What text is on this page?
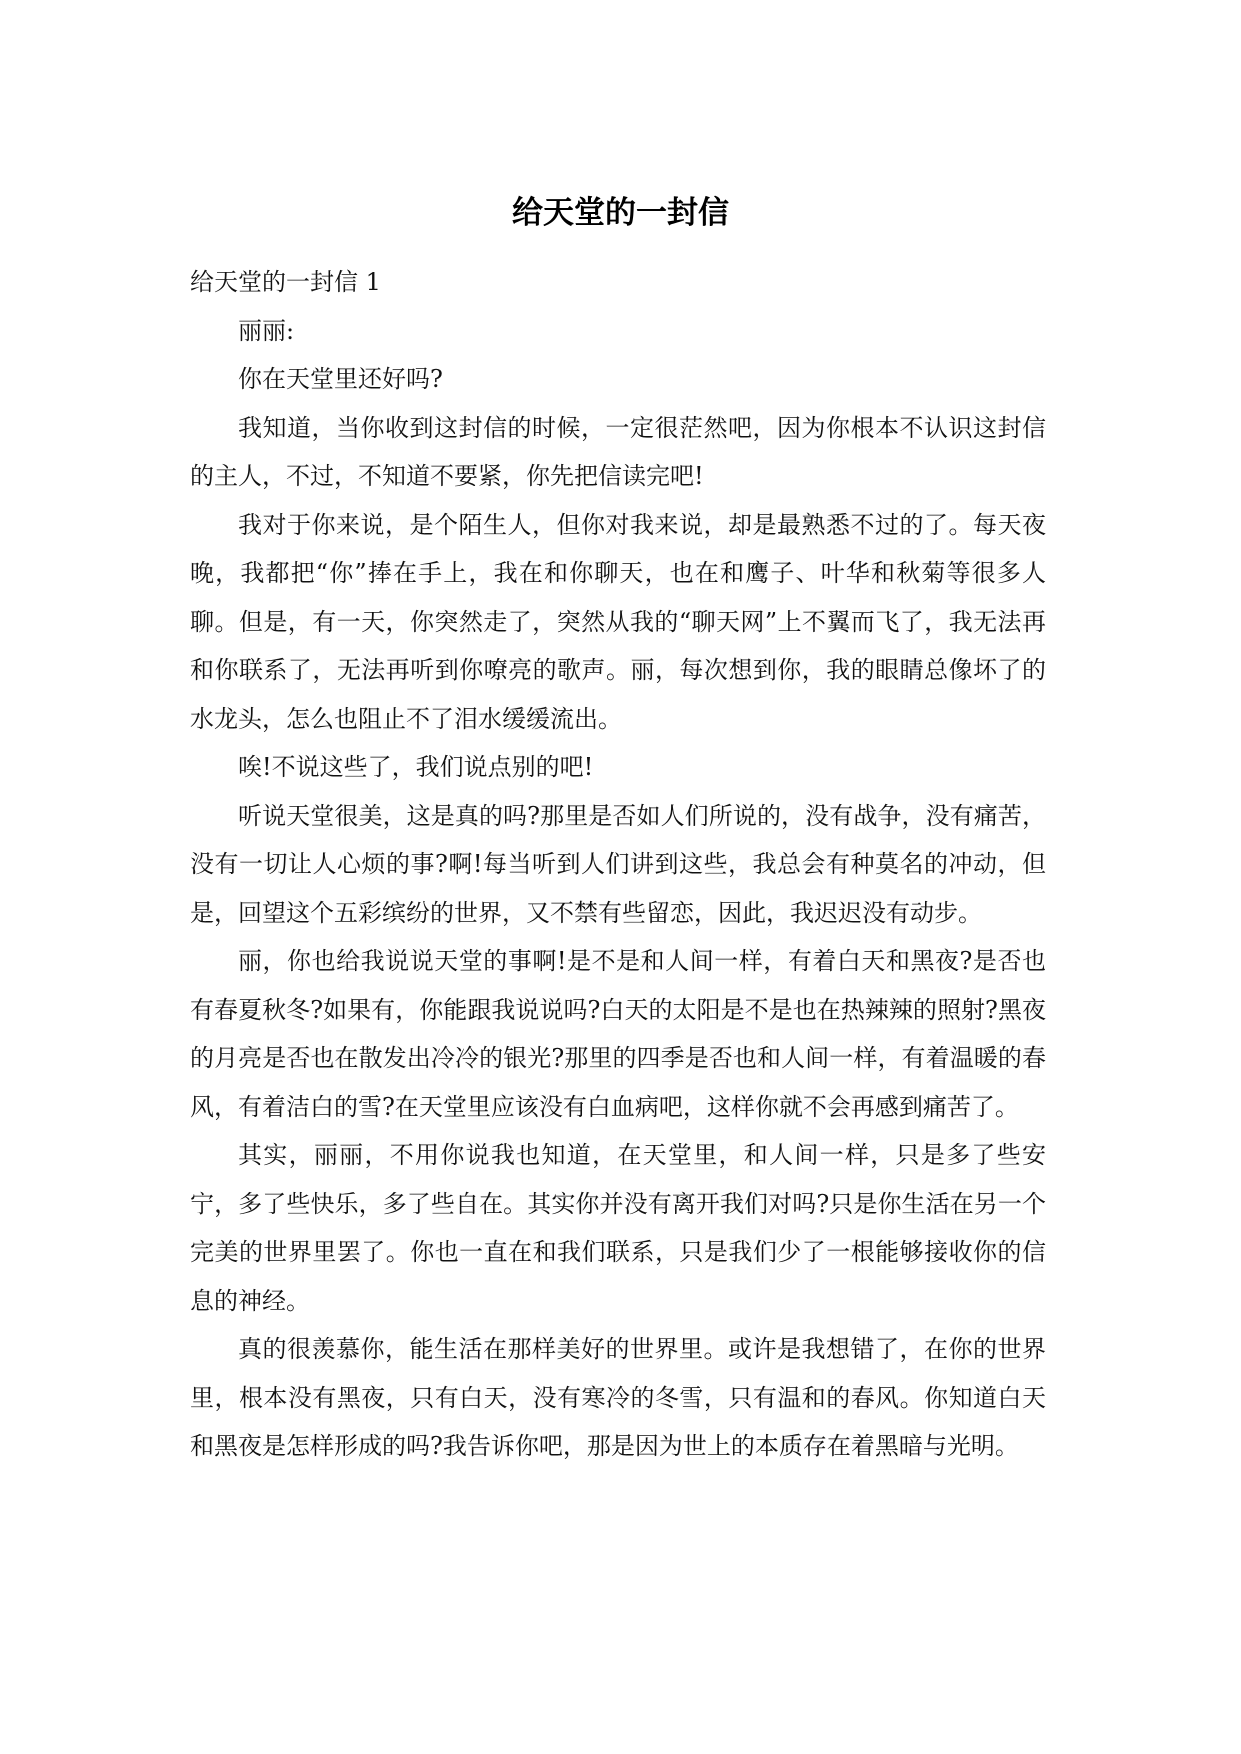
给天堂的一封信

给天堂的一封信 1

丽丽:

你在天堂里还好吗?

我知道，当你收到这封信的时候，一定很茫然吧，因为你根本不认识这封信的主人，不过，不知道不要紧，你先把信读完吧!

我对于你来说，是个陌生人，但你对我来说，却是最熟悉不过的了。每天夜晚，我都把“你”捧在手上，我在和你聊天，也在和鹰子、叶华和秋菊等很多人聊。但是，有一天，你突然走了，突然从我的“聊天网”上不翼而飞了，我无法再和你联系了，无法再听到你嘹亮的歌声。丽，每次想到你，我的眼睛总像坏了的水龙头，怎么也阻止不了泪水缓缓流出。

唉!不说这些了，我们说点别的吧!

听说天堂很美，这是真的吗?那里是否如人们所说的，没有战争，没有痛苦，没有一切让人心烦的事?啊!每当听到人们讲到这些，我总会有种莫名的冲动，但是，回望这个五彩缤纷的世界，又不禁有些留恋，因此，我迟迟没有动步。

丽，你也给我说说天堂的事啊!是不是和人间一样，有着白天和黑夜?是否也有春夏秋冬?如果有，你能跟我说说吗?白天的太阳是不是也在热辣辣的照射?黑夜的月亮是否也在散发出冷冷的银光?那里的四季是否也和人间一样，有着温暖的春风，有着洁白的雪?在天堂里应该没有白血病吧，这样你就不会再感到痛苦了。

其实，丽丽，不用你说我也知道，在天堂里，和人间一样，只是多了些安宁，多了些快乐，多了些自在。其实你并没有离开我们对吗?只是你生活在另一个完美的世界里罢了。你也一直在和我们联系，只是我们少了一根能够接收你的信息的神经。

真的很羡慕你，能生活在那样美好的世界里。或许是我想错了，在你的世界里，根本没有黑夜，只有白天，没有寒冷的冬雪，只有温和的春风。你知道白天和黑夜是怎样形成的吗?我告诉你吧，那是因为世上的本质存在着黑暗与光明。
